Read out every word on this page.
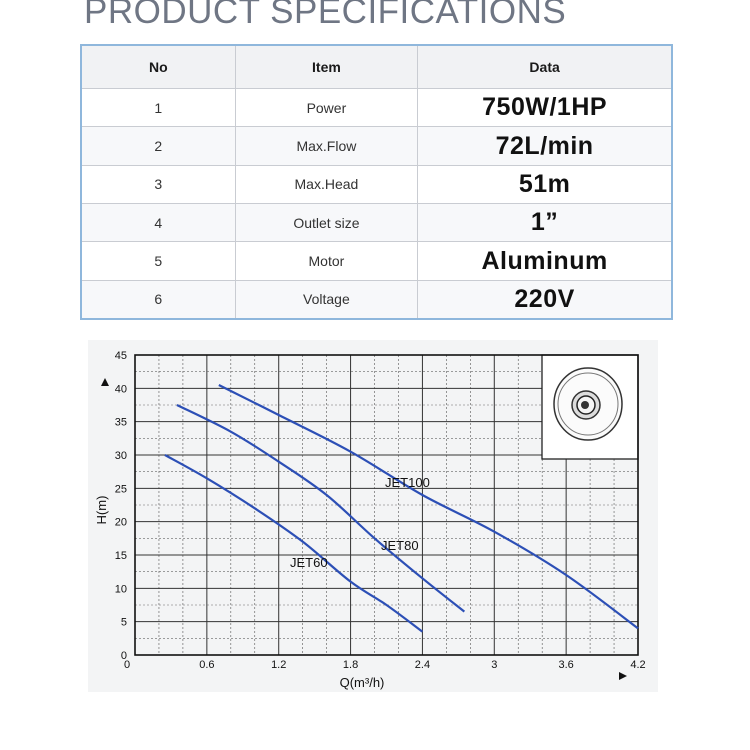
PRODUCT SPECIFICATIONS
No	Item	Data
1	Power	750W/1HP
2	Max.Flow	72L/min
3	Max.Head	51m
4	Outlet size	1”
5	Motor	Aluminum
6	Voltage	220V
0
5
10
15
20
25
30
35
40
45
0	0.6	1.2	1.8	2.4	3	3.6	4.2
JET60
JET80
JET100
Q(m³/h)
H(m)
